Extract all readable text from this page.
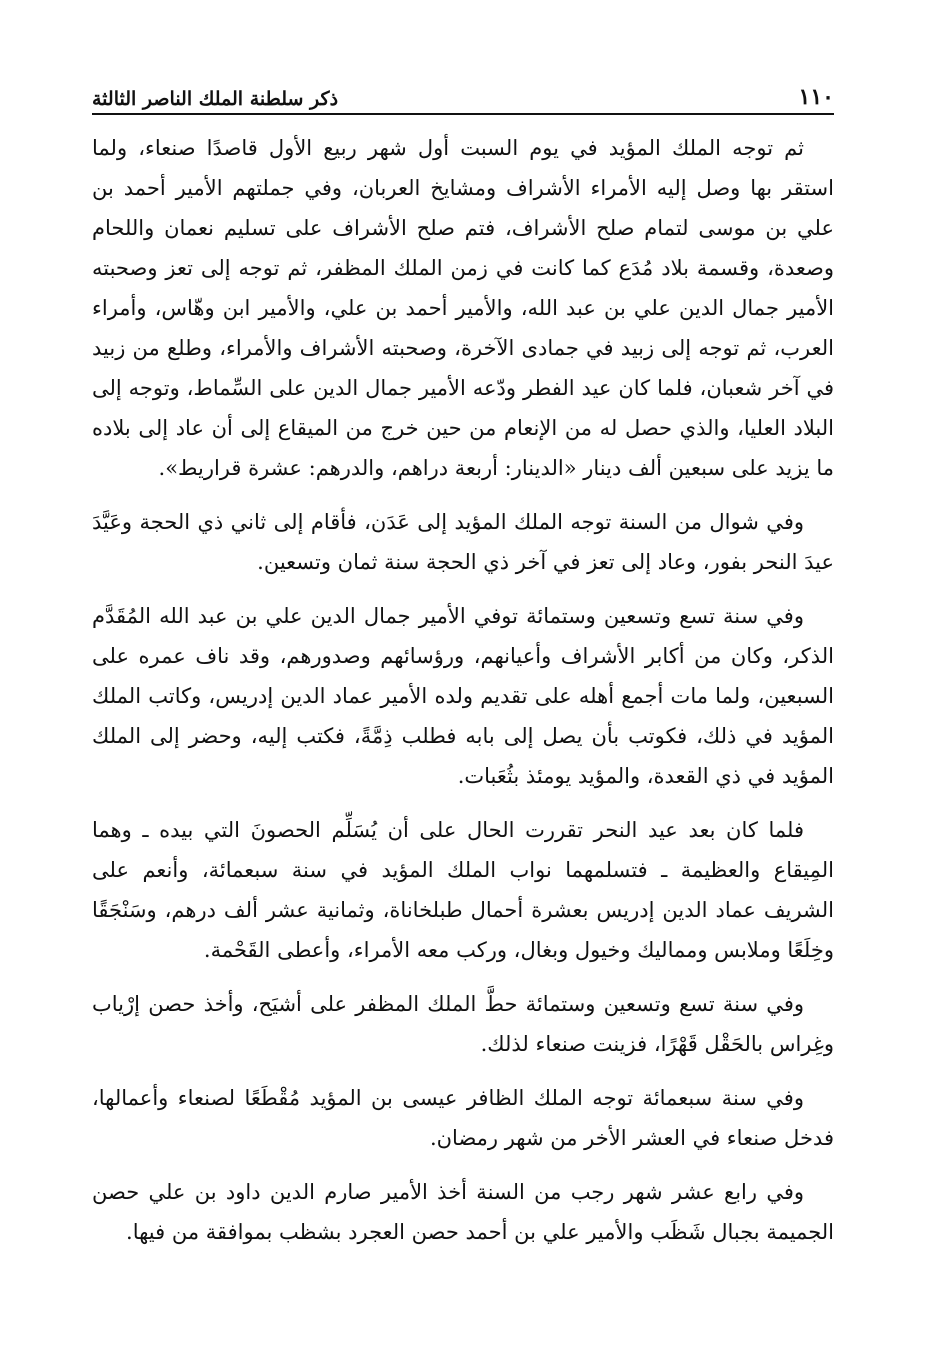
١١٠
ذكر سلطنة الملك الناصر الثالثة

ثم توجه الملك المؤيد في يوم السبت أول شهر ربيع الأول قاصدًا صنعاء، ولما استقر بها وصل إليه الأمراء الأشراف ومشايخ العربان، وفي جملتهم الأمير أحمد بن علي بن موسى لتمام صلح الأشراف، فتم صلح الأشراف على تسليم نعمان واللحام وصعدة، وقسمة بلاد مُدَع كما كانت في زمن الملك المظفر، ثم توجه إلى تعز وصحبته الأمير جمال الدين علي بن عبد الله، والأمير أحمد بن علي، والأمير ابن وهّاس، وأمراء العرب، ثم توجه إلى زبيد في جمادى الآخرة، وصحبته الأشراف والأمراء، وطلع من زبيد في آخر شعبان، فلما كان عيد الفطر ودّعه الأمير جمال الدين على السِّماط، وتوجه إلى البلاد العليا، والذي حصل له من الإنعام من حين خرج من الميقاع إلى أن عاد إلى بلاده ما يزيد على سبعين ألف دينار «الدينار: أربعة دراهم، والدرهم: عشرة قراريط».

وفي شوال من السنة توجه الملك المؤيد إلى عَدَن، فأقام إلى ثاني ذي الحجة وعَيَّدَ عيدَ النحر بفور، وعاد إلى تعز في آخر ذي الحجة سنة ثمان وتسعين.

وفي سنة تسع وتسعين وستمائة توفي الأمير جمال الدين علي بن عبد الله المُقَدَّم الذكر، وكان من أكابر الأشراف وأعيانهم، ورؤسائهم وصدورهم، وقد ناف عمره على السبعين، ولما مات أجمع أهله على تقديم ولده الأمير عماد الدين إدريس، وكاتب الملك المؤيد في ذلك، فكوتب بأن يصل إلى بابه فطلب ذِمَّةً، فكتب إليه، وحضر إلى الملك المؤيد في ذي القعدة، والمؤيد يومئذ بثُعَبات.

فلما كان بعد عيد النحر تقررت الحال على أن يُسَلِّم الحصونَ التي بيده ـ وهما المِيقاع والعظيمة ـ فتسلمهما نواب الملك المؤيد في سنة سبعمائة، وأنعم على الشريف عماد الدين إدريس بعشرة أحمال طبلخاناة، وثمانية عشر ألف درهم، وسَنْجَقًا وخِلَعًا وملابس ومماليك وخيول وبغال، وركب معه الأمراء، وأعطى القَحْمة.

وفي سنة تسع وتسعين وستمائة حطَّ الملك المظفر على أشيَح، وأخذ حصن إرْياب وغِراس بالحَقْل قَهْرًا، فزينت صنعاء لذلك.

وفي سنة سبعمائة توجه الملك الظافر عيسى بن المؤيد مُقْطَعًا لصنعاء وأعمالها، فدخل صنعاء في العشر الأخر من شهر رمضان.

وفي رابع عشر شهر رجب من السنة أخذ الأمير صارم الدين داود بن علي حصن الجميمة بجبال شَظَب والأمير علي بن أحمد حصن العجرد بشظب بموافقة من فيها.
